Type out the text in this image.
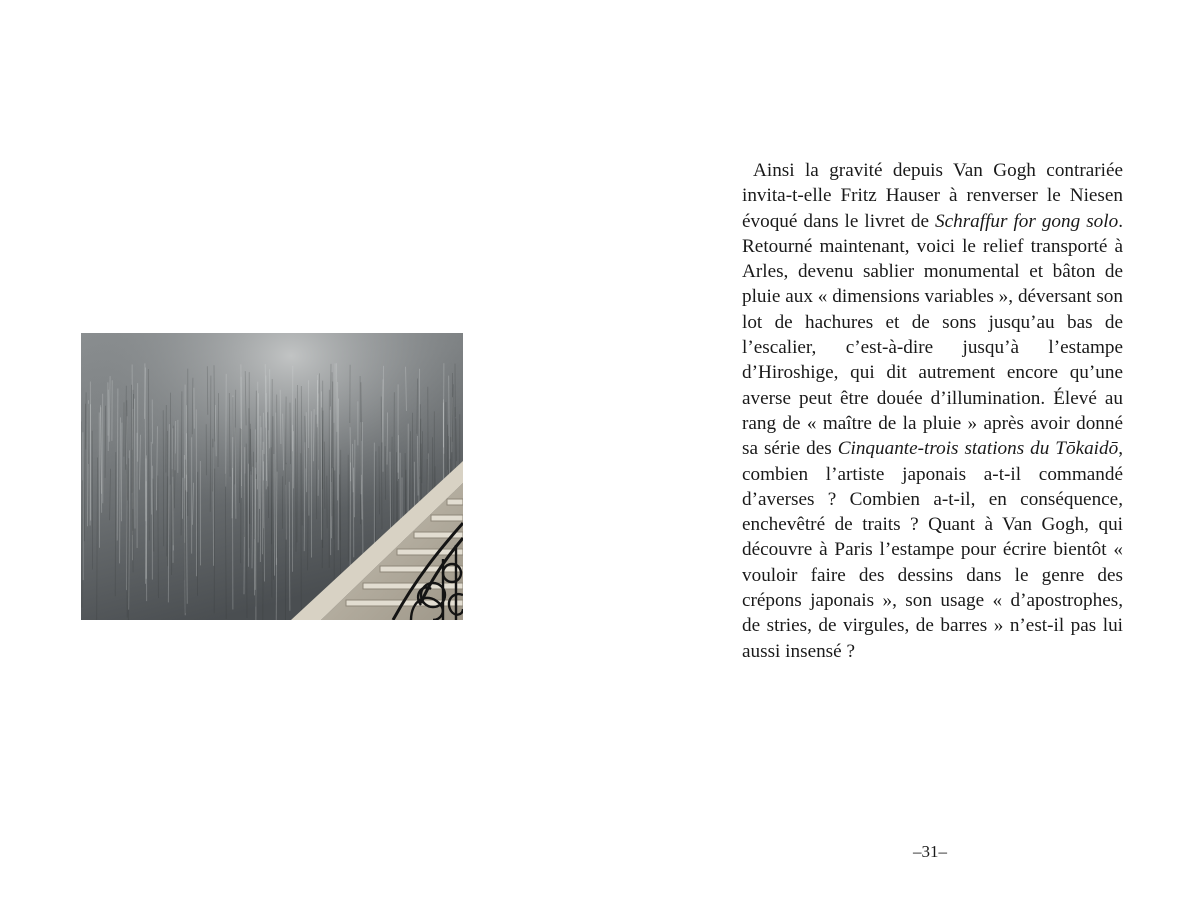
Ainsi la gravité depuis Van Gogh contrariée invita-t-elle Fritz Hauser à renverser le Niesen évoqué dans le livret de Schraffur for gong solo. Retourné maintenant, voici le relief transporté à Arles, devenu sablier monumental et bâton de pluie aux « dimensions variables », déversant son lot de hachures et de sons jusqu’au bas de l’escalier, c’est-à-dire jusqu’à l’estampe d’Hiroshige, qui dit autrement encore qu’une averse peut être douée d’illumination. Élevé au rang de « maître de la pluie » après avoir donné sa série des Cinquante-trois stations du Tōkaidō, combien l’artiste japonais a-t-il commandé d’averses ? Combien a-t-il, en conséquence, enchevêtré de traits ? Quant à Van Gogh, qui découvre à Paris l’estampe pour écrire bientôt « vouloir faire des dessins dans le genre des crépons japonais », son usage « d’apostrophes, de stries, de virgules, de barres » n’est-il pas lui aussi insensé ?

–31–
